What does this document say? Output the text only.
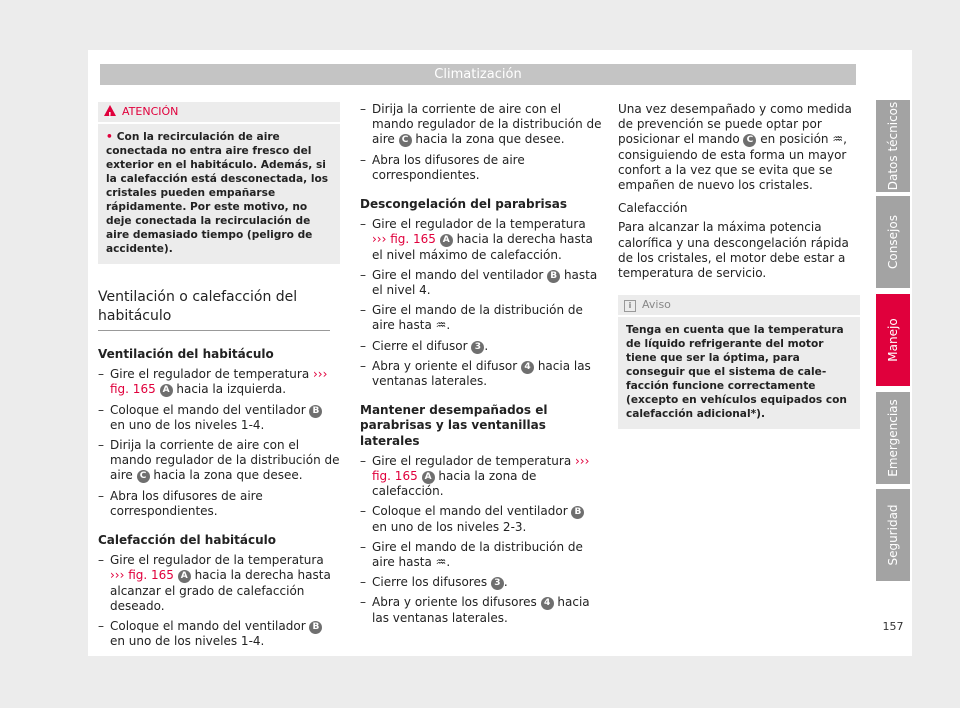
Climatización
!ATENCIÓN
• Con la recirculación de aire conectada no entra aire fresco del exterior en el habitáculo. Además, si la calefacción está desconectada, los cristales pueden empañarse rápidamente. Por este motivo, no deje conectada la recirculación de aire demasiado tiempo (peligro de accidente).
Ventilación o calefacción del habitáculo
Ventilación del habitáculo
– Gire el regulador de temperatura ››› fig. 165 A hacia la izquierda.
– Coloque el mando del ventilador B en uno de los niveles 1-4.
– Dirija la corriente de aire con el mando regulador de la distribución de aire C hacia la zona que desee.
– Abra los difusores de aire correspondientes.
Calefacción del habitáculo
– Gire el regulador de la temperatura ››› fig. 165 A hacia la derecha hasta alcanzar el grado de calefacción deseado.
– Coloque el mando del ventilador B en uno de los niveles 1-4.
– Dirija la corriente de aire con el mando regulador de la distribución de aire C hacia la zona que desee.
– Abra los difusores de aire correspondientes.
Descongelación del parabrisas
– Gire el regulador de la temperatura ››› fig. 165 A hacia la derecha hasta el nivel máximo de calefacción.
– Gire el mando del ventilador B hasta el nivel 4.
– Gire el mando de la distribución de aire hasta ♒.
– Cierre el difusor 3 .
– Abra y oriente el difusor 4 hacia las ventanas laterales.
Mantener desempañados el parabrisas y las ventanillas laterales
– Gire el regulador de temperatura ››› fig. 165 A hacia la zona de calefacción.
– Coloque el mando del ventilador B en uno de los niveles 2-3.
– Gire el mando de la distribución de aire hasta ♒.
– Cierre los difusores 3 .
– Abra y oriente los difusores 4 hacia las ventanas laterales.
Una vez desempañado y como medida de prevención se puede optar por posicionar el mando C en posición ♒, consiguiendo de esta forma un mayor confort a la vez que se evita que se empañen de nuevo los cristales.
Calefacción
Para alcanzar la máxima potencia calorífica y una descongelación rápida de los cristales, el motor debe estar a temperatura de servicio.
i Aviso
Tenga en cuenta que la temperatura de líquido refrigerante del motor tiene que ser la óptima, para conseguir que el sistema de calefacción funcione correctamente (excepto en vehículos equipados con calefacción adicional*).
Datos técnicos
Consejos
Manejo
Emergencias
Seguridad
157
